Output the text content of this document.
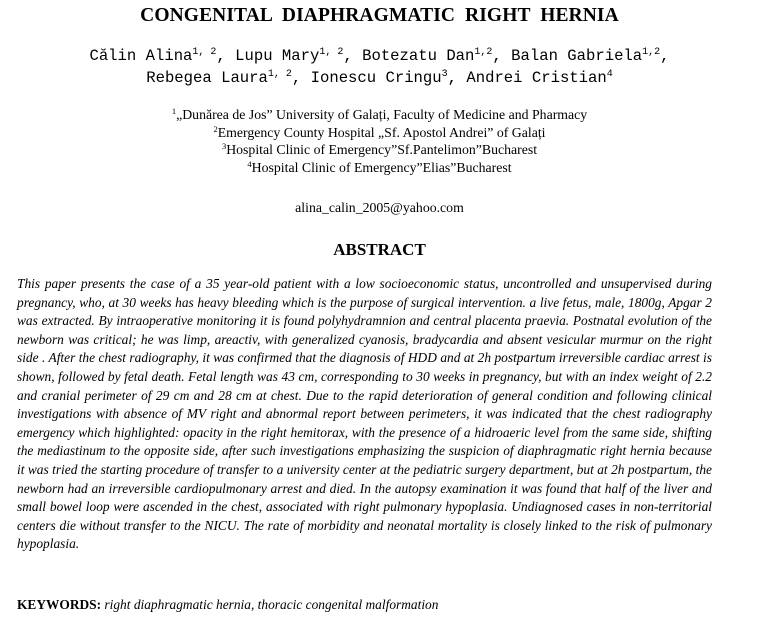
CONGENITAL DIAPHRAGMATIC RIGHT HERNIA
Călin Alina$^{1, 2}$, Lupu Mary$^{1, 2}$, Botezatu Dan$^{1,2}$, Balan Gabriela$^{1,2}$,
Rebegea Laura$^{1, 2}$, Ionescu Cringu$^3$, Andrei Cristian$^4$
$^1$„Dunărea de Jos” University of Galați, Faculty of Medicine and Pharmacy
$^2$Emergency County Hospital „Sf. Apostol Andrei” of Galați
$^3$Hospital Clinic of Emergency”Sf.Pantelimon”Bucharest
$^4$Hospital Clinic of Emergency”Elias”Bucharest
alina_calin_2005@yahoo.com
ABSTRACT

This paper presents the case of a 35 year-old patient with a low socioeconomic status, uncontrolled and unsupervised during pregnancy, who, at 30 weeks has heavy bleeding which is the purpose of surgical intervention. a live fetus, male, 1800g, Apgar 2 was extracted. By intraoperative monitoring it is found polyhydramnion and central placenta praevia. Postnatal evolution of the newborn was critical; he was limp, areactiv, with generalized cyanosis, bradycardia and absent vesicular murmur on the right side . After the chest radiography, it was confirmed that the diagnosis of HDD and at 2h postpartum irreversible cardiac arrest is shown, followed by fetal death. Fetal length was 43 cm, corresponding to 30 weeks in pregnancy, but with an index weight of 2.2 and cranial perimeter of 29 cm and 28 cm at chest. Due to the rapid deterioration of general condition and following clinical investigations with absence of MV right and abnormal report between perimeters, it was indicated that the chest radiography emergency which highlighted: opacity in the right hemitorax, with the presence of a hidroaeric level from the same side, shifting the mediastinum to the opposite side, after such investigations emphasizing the suspicion of diaphragmatic right hernia because it was tried the starting procedure of transfer to a university center at the pediatric surgery department, but at 2h postpartum, the newborn had an irreversible cardiopulmonary arrest and died. In the autopsy examination it was found that half of the liver and small bowel loop were ascended in the chest, associated with right pulmonary hypoplasia. Undiagnosed cases in non-territorial centers die without transfer to the NICU. The rate of morbidity and neonatal mortality is closely linked to the risk of pulmonary hypoplasia.

KEYWORDS: right diaphragmatic hernia, thoracic congenital malformation
